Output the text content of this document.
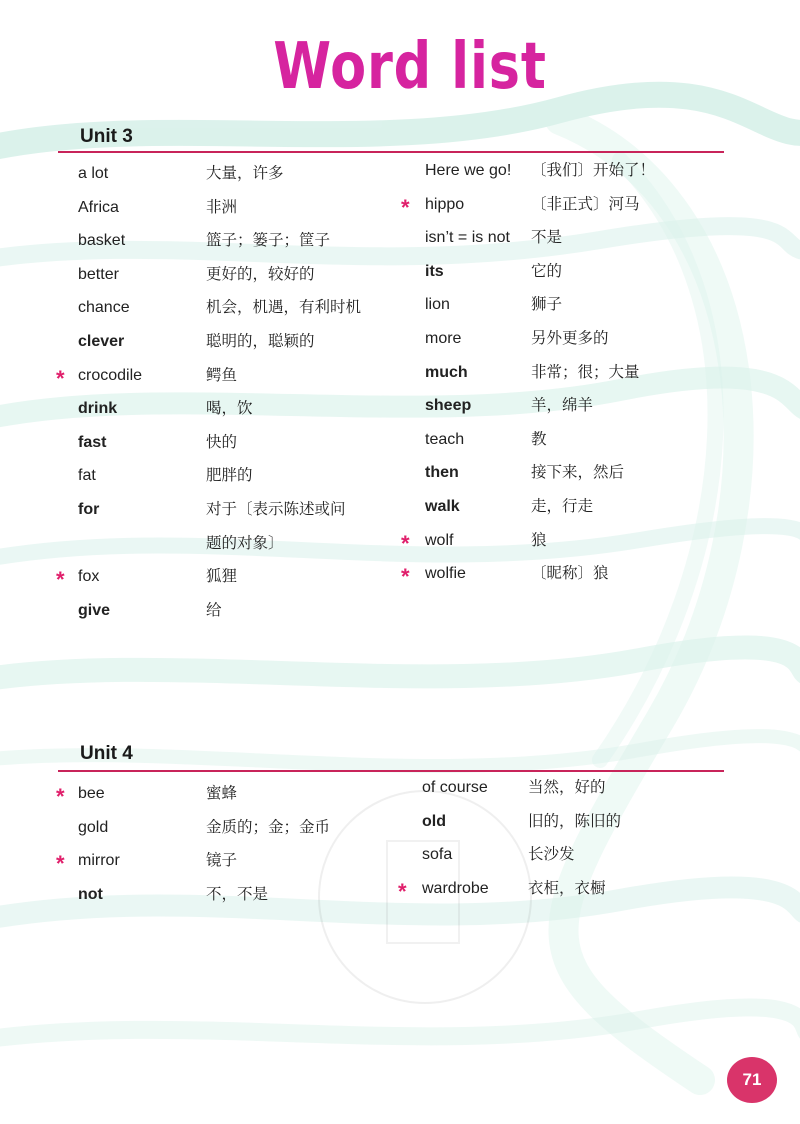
Word list
Unit 3
a lot	大量，许多
Africa	非洲
basket	篮子；篓子；筐子
better	更好的，较好的
chance	机会，机遇，有利时机
clever	聪明的，聪颖的
* crocodile	鳄鱼
drink	喝，饮
fast	快的
fat	肥胖的
for	对于〔表示陈述或问
题的对象〕
* fox	狐狸
give	给
Here we go! 〔我们〕开始了！
* hippo	〔非正式〕河马
isn’t = is not 不是
its	它的
lion	狮子
more	另外更多的
much	非常；很；大量
sheep	羊，绵羊
teach	教
then	接下来，然后
walk	走，行走
* wolf	狼
* wolfie	〔昵称〕狼
Unit 4
* bee	蜜蜂
gold	金质的；金；金币
* mirror	镜子
not	不，不是
of course	当然，好的
old	旧的，陈旧的
sofa	长沙发
* wardrobe	衣柜，衣橱
71
